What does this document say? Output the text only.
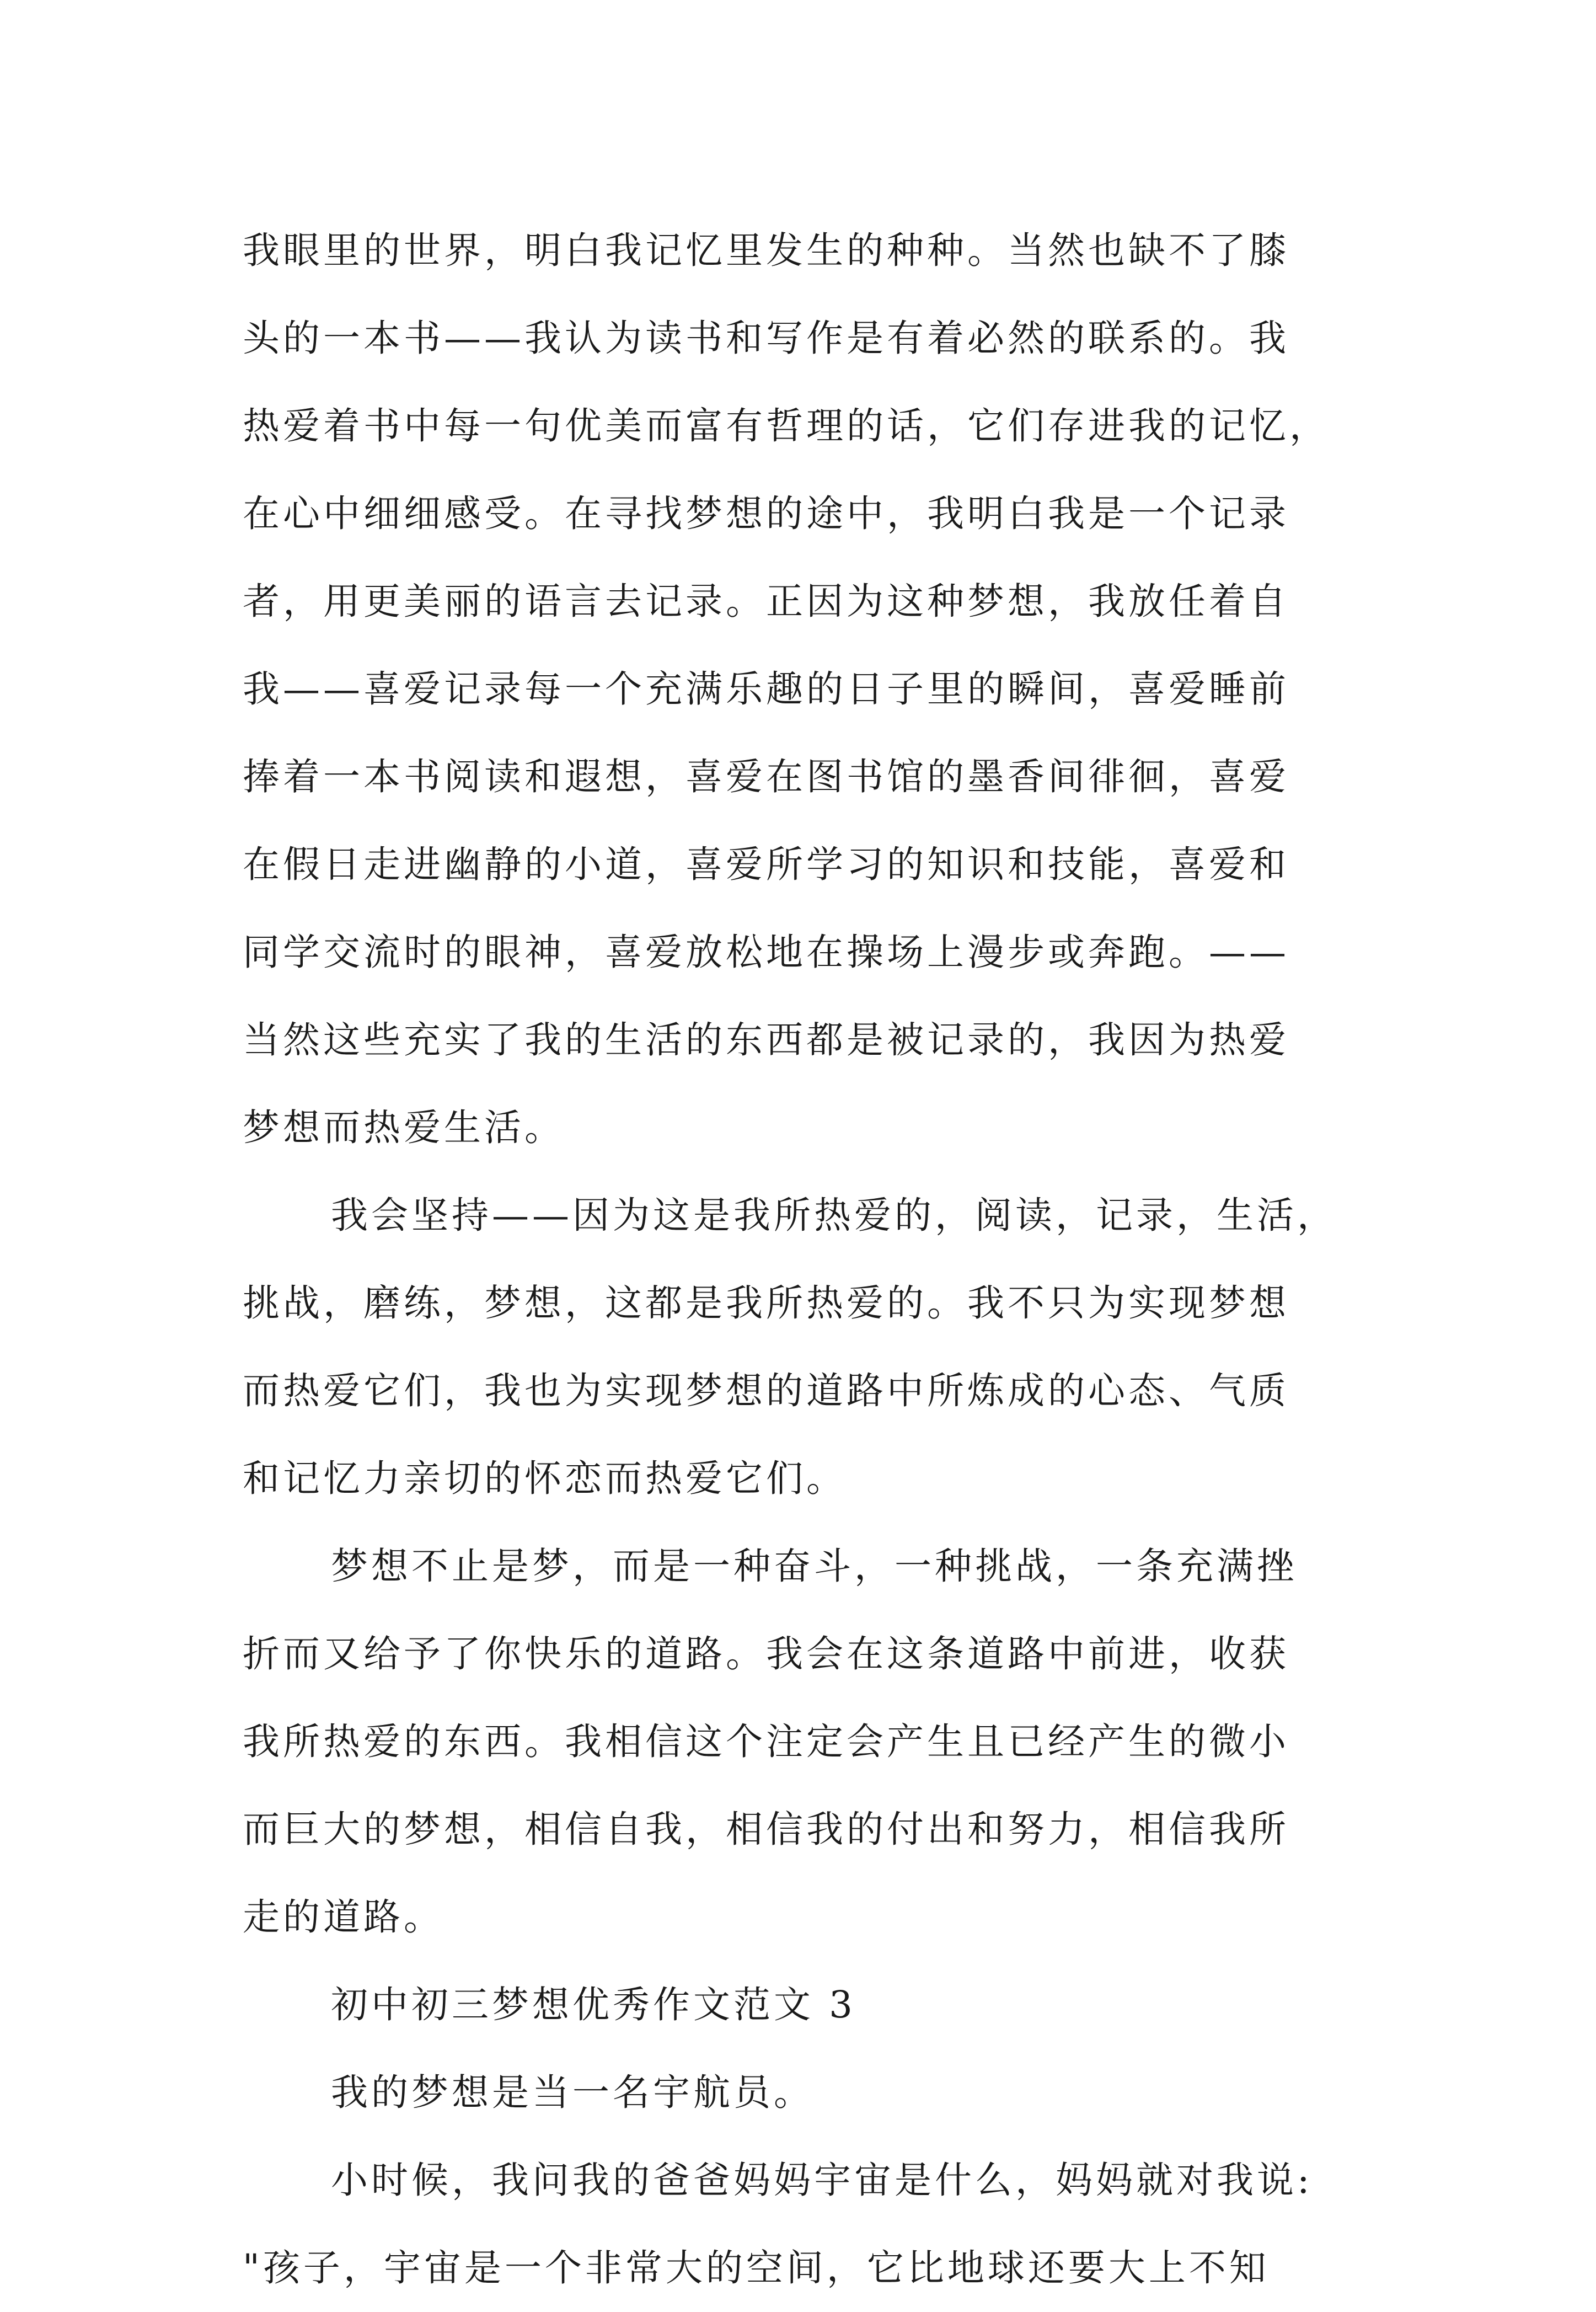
我眼里的世界，明白我记忆里发生的种种。当然也缺不了膝
头的一本书——我认为读书和写作是有着必然的联系的。我
热爱着书中每一句优美而富有哲理的话，它们存进我的记忆，
在心中细细感受。在寻找梦想的途中，我明白我是一个记录
者，用更美丽的语言去记录。正因为这种梦想，我放任着自
我——喜爱记录每一个充满乐趣的日子里的瞬间，喜爱睡前
捧着一本书阅读和遐想，喜爱在图书馆的墨香间徘徊，喜爱
在假日走进幽静的小道，喜爱所学习的知识和技能，喜爱和
同学交流时的眼神，喜爱放松地在操场上漫步或奔跑。——
当然这些充实了我的生活的东西都是被记录的，我因为热爱
梦想而热爱生活。
我会坚持——因为这是我所热爱的，阅读，记录，生活，
挑战，磨练，梦想，这都是我所热爱的。我不只为实现梦想
而热爱它们，我也为实现梦想的道路中所炼成的心态、气质
和记忆力亲切的怀恋而热爱它们。
梦想不止是梦，而是一种奋斗，一种挑战，一条充满挫
折而又给予了你快乐的道路。我会在这条道路中前进，收获
我所热爱的东西。我相信这个注定会产生且已经产生的微小
而巨大的梦想，相信自我，相信我的付出和努力，相信我所
走的道路。
初中初三梦想优秀作文范文 3
我的梦想是当一名宇航员。
小时候，我问我的爸爸妈妈宇宙是什么，妈妈就对我说:
"孩子，宇宙是一个非常大的空间，它比地球还要大上不知
